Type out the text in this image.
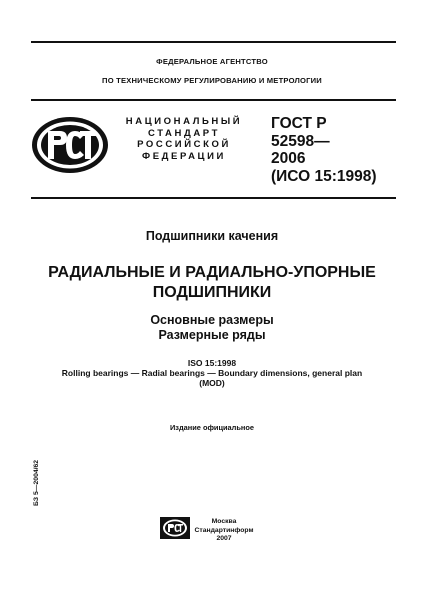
ФЕДЕРАЛЬНОЕ АГЕНТСТВО
ПО ТЕХНИЧЕСКОМУ РЕГУЛИРОВАНИЮ И МЕТРОЛОГИИ
НАЦИОНАЛЬНЫЙ
СТАНДАРТ
РОССИЙСКОЙ
ФЕДЕРАЦИИ
ГОСТ Р
52598—
2006
(ИСО 15:1998)
Подшипники качения
РАДИАЛЬНЫЕ И РАДИАЛЬНО-УПОРНЫЕ
ПОДШИПНИКИ
Основные размеры
Размерные ряды
ISO 15:1998
Rolling bearings — Radial bearings — Boundary dimensions, general plan
(MOD)
Издание официальное
БЗ 5—2004/62
Москва
Стандартинформ
2007
